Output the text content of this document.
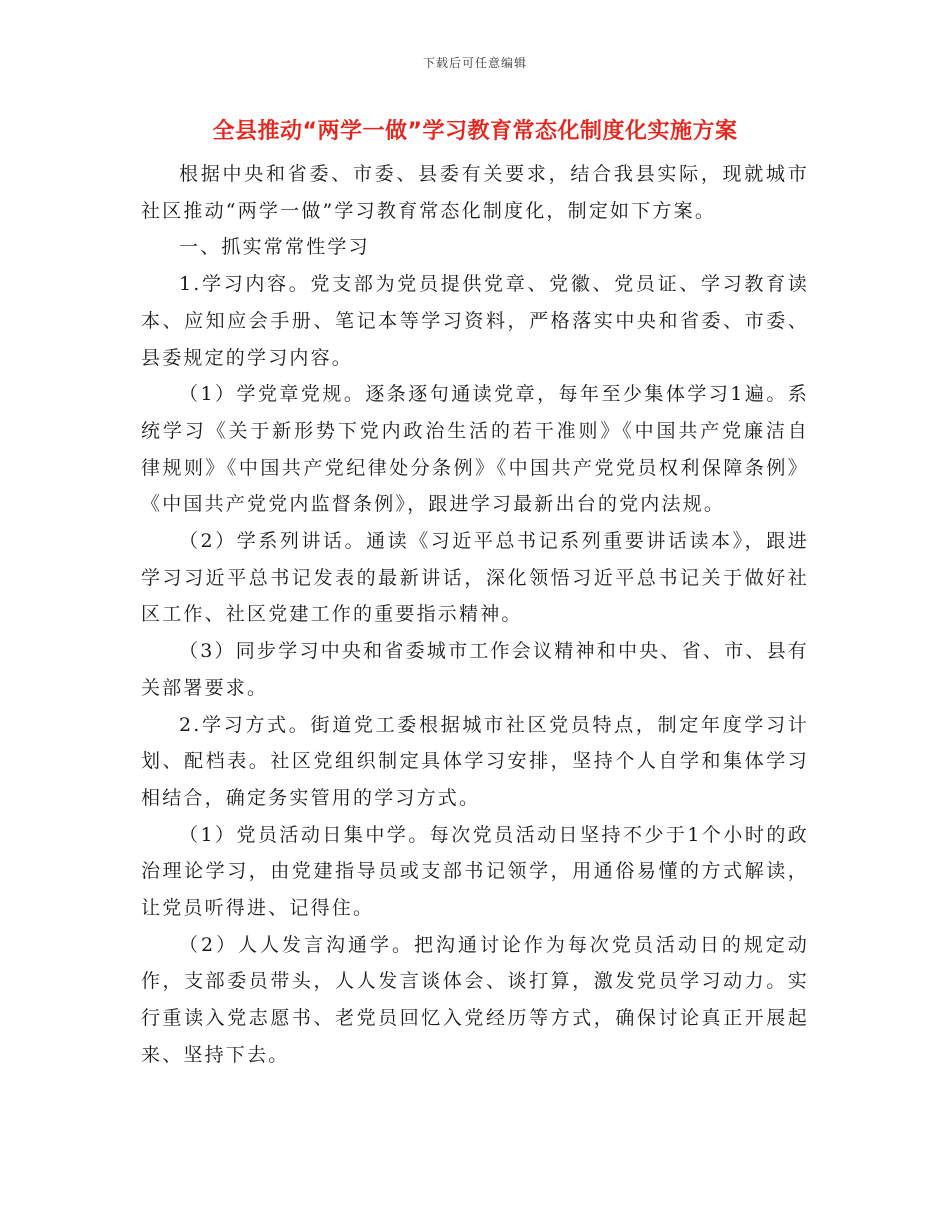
下载后可任意编辑
全县推动“两学一做”学习教育常态化制度化实施方案

根据中央和省委、市委、县委有关要求，结合我县实际，现就城市社区推动“两学一做”学习教育常态化制度化，制定如下方案。

一、抓实常常性学习

1.学习内容。党支部为党员提供党章、党徽、党员证、学习教育读本、应知应会手册、笔记本等学习资料，严格落实中央和省委、市委、县委规定的学习内容。

（1）学党章党规。逐条逐句通读党章，每年至少集体学习1遍。系统学习《关于新形势下党内政治生活的若干准则》《中国共产党廉洁自律规则》《中国共产党纪律处分条例》《中国共产党党员权利保障条例》《中国共产党党内监督条例》，跟进学习最新出台的党内法规。

（2）学系列讲话。通读《习近平总书记系列重要讲话读本》，跟进学习习近平总书记发表的最新讲话，深化领悟习近平总书记关于做好社区工作、社区党建工作的重要指示精神。

（3）同步学习中央和省委城市工作会议精神和中央、省、市、县有关部署要求。

2.学习方式。街道党工委根据城市社区党员特点，制定年度学习计划、配档表。社区党组织制定具体学习安排，坚持个人自学和集体学习相结合，确定务实管用的学习方式。

（1）党员活动日集中学。每次党员活动日坚持不少于1个小时的政治理论学习，由党建指导员或支部书记领学，用通俗易懂的方式解读，让党员听得进、记得住。

（2）人人发言沟通学。把沟通讨论作为每次党员活动日的规定动作，支部委员带头，人人发言谈体会、谈打算，激发党员学习动力。实行重读入党志愿书、老党员回忆入党经历等方式，确保讨论真正开展起来、坚持下去。
